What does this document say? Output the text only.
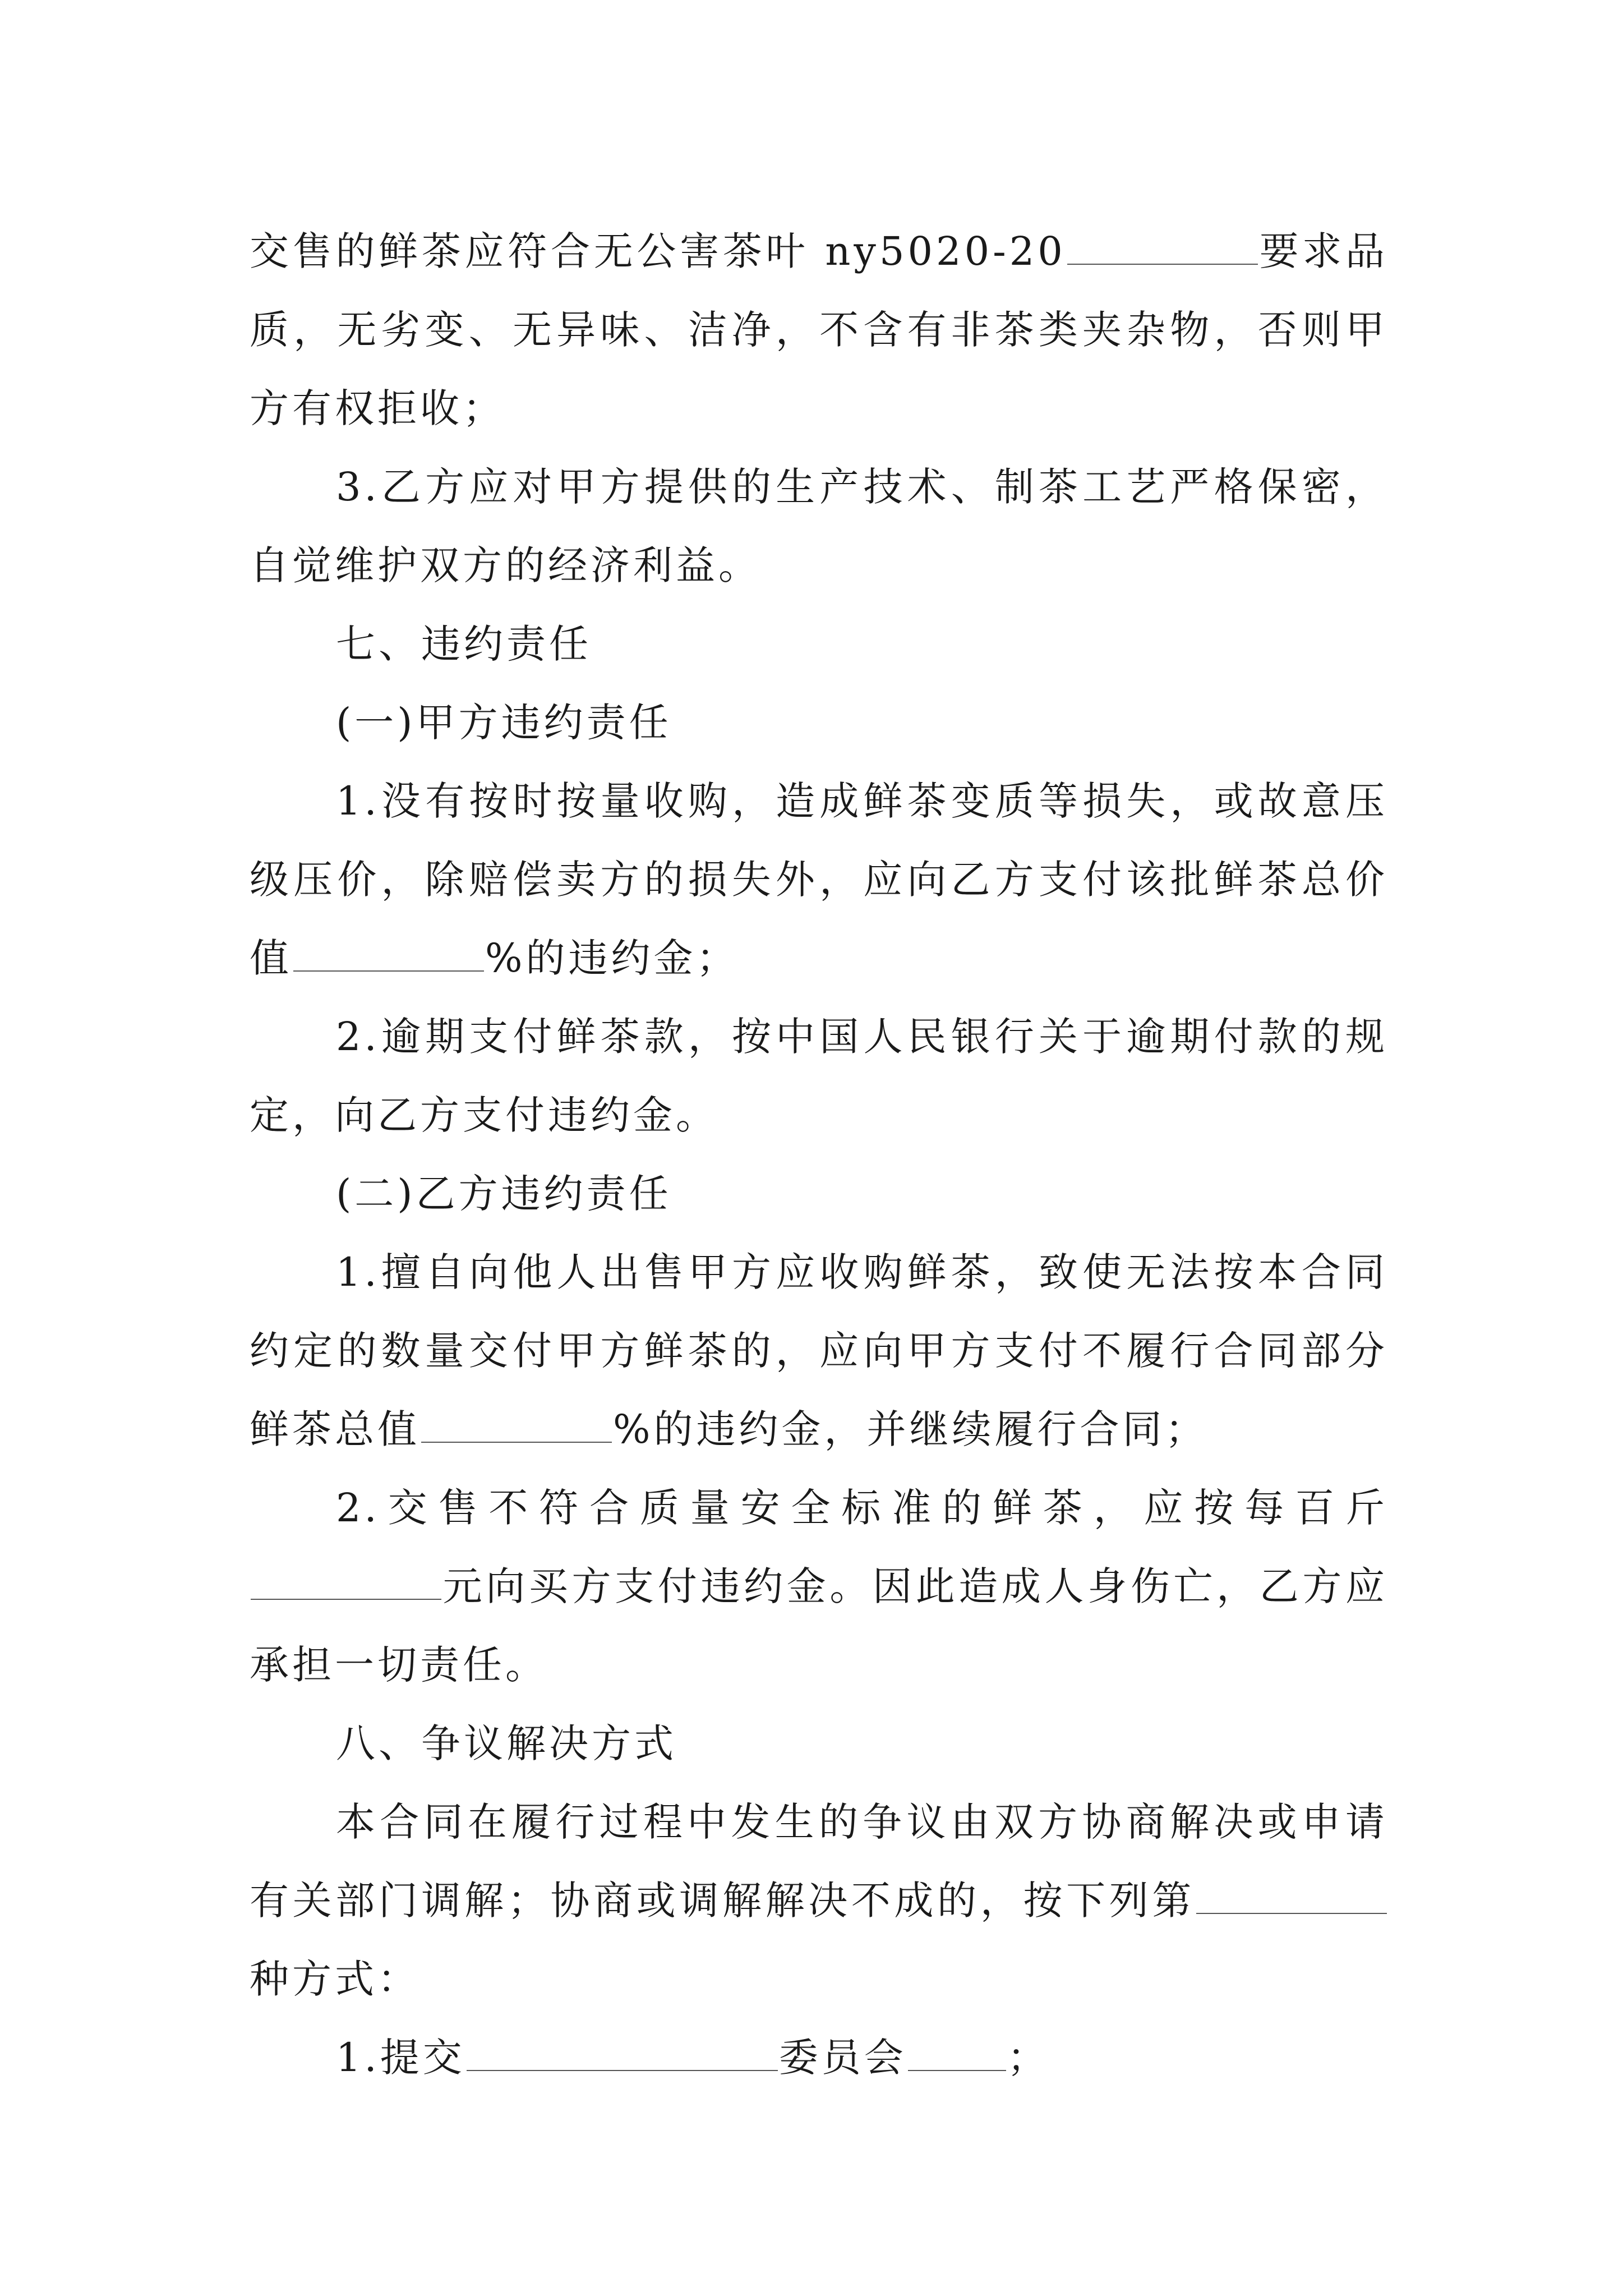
交售的鲜茶应符合无公害茶叶 ny5020-20	要求品质，无劣变、无异味、洁净，不含有非茶类夹杂物，否则甲方有权拒收；

3.乙方应对甲方提供的生产技术、制茶工艺严格保密，自觉维护双方的经济利益。

七、违约责任

(一)甲方违约责任

1.没有按时按量收购，造成鲜茶变质等损失，或故意压级压价，除赔偿卖方的损失外，应向乙方支付该批鲜茶总价值	%的违约金；

2.逾期支付鲜茶款，按中国人民银行关于逾期付款的规定，向乙方支付违约金。

(二)乙方违约责任

1.擅自向他人出售甲方应收购鲜茶，致使无法按本合同约定的数量交付甲方鲜茶的，应向甲方支付不履行合同部分鲜茶总值	%的违约金，并继续履行合同；

2.交售不符合质量安全标准的鲜茶，应按每百斤元向买方支付违约金。因此造成人身伤亡，乙方应承担一切责任。

八、争议解决方式

本合同在履行过程中发生的争议由双方协商解决或申请有关部门调解；协商或调解解决不成的，按下列第种方式：

1.提交	委员会	；
